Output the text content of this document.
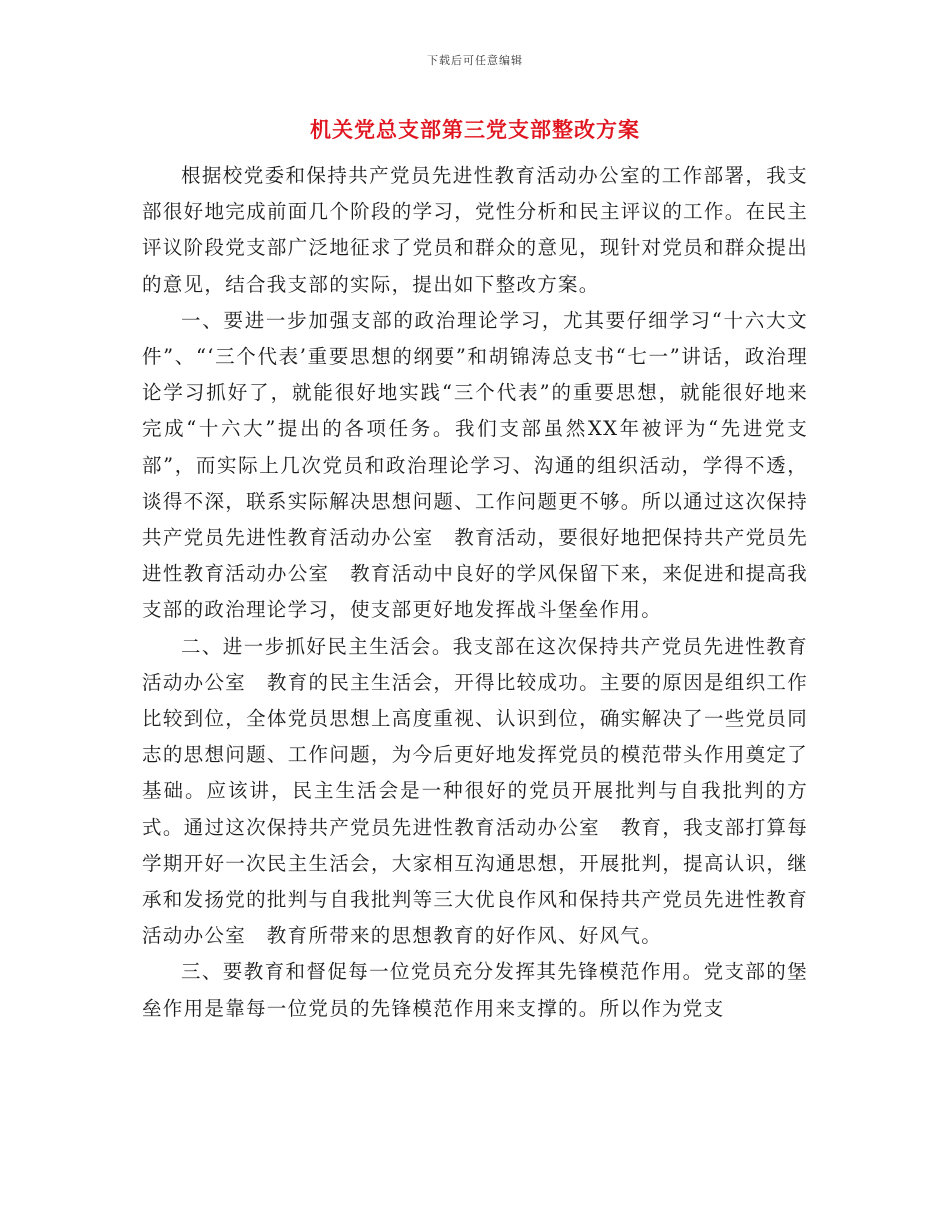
下载后可任意编辑
机关党总支部第三党支部整改方案

根据校党委和保持共产党员先进性教育活动办公室的工作部署，我支部很好地完成前面几个阶段的学习，党性分析和民主评议的工作。在民主评议阶段党支部广泛地征求了党员和群众的意见，现针对党员和群众提出的意见，结合我支部的实际，提出如下整改方案。

一、要进一步加强支部的政治理论学习，尤其要仔细学习“十六大文件”、“‘三个代表’重要思想的纲要”和胡锦涛总支书“七一”讲话，政治理论学习抓好了，就能很好地实践“三个代表”的重要思想，就能很好地来完成“十六大”提出的各项任务。我们支部虽然XX年被评为“先进党支部”，而实际上几次党员和政治理论学习、沟通的组织活动，学得不透，谈得不深，联系实际解决思想问题、工作问题更不够。所以通过这次保持共产党员先进性教育活动办公室　教育活动，要很好地把保持共产党员先进性教育活动办公室　教育活动中良好的学风保留下来，来促进和提高我支部的政治理论学习，使支部更好地发挥战斗堡垒作用。

二、进一步抓好民主生活会。我支部在这次保持共产党员先进性教育活动办公室　教育的民主生活会，开得比较成功。主要的原因是组织工作比较到位，全体党员思想上高度重视、认识到位，确实解决了一些党员同志的思想问题、工作问题，为今后更好地发挥党员的模范带头作用奠定了基础。应该讲，民主生活会是一种很好的党员开展批判与自我批判的方式。通过这次保持共产党员先进性教育活动办公室　教育，我支部打算每学期开好一次民主生活会，大家相互沟通思想，开展批判，提高认识，继承和发扬党的批判与自我批判等三大优良作风和保持共产党员先进性教育活动办公室　教育所带来的思想教育的好作风、好风气。

三、要教育和督促每一位党员充分发挥其先锋模范作用。党支部的堡垒作用是靠每一位党员的先锋模范作用来支撑的。所以作为党支
